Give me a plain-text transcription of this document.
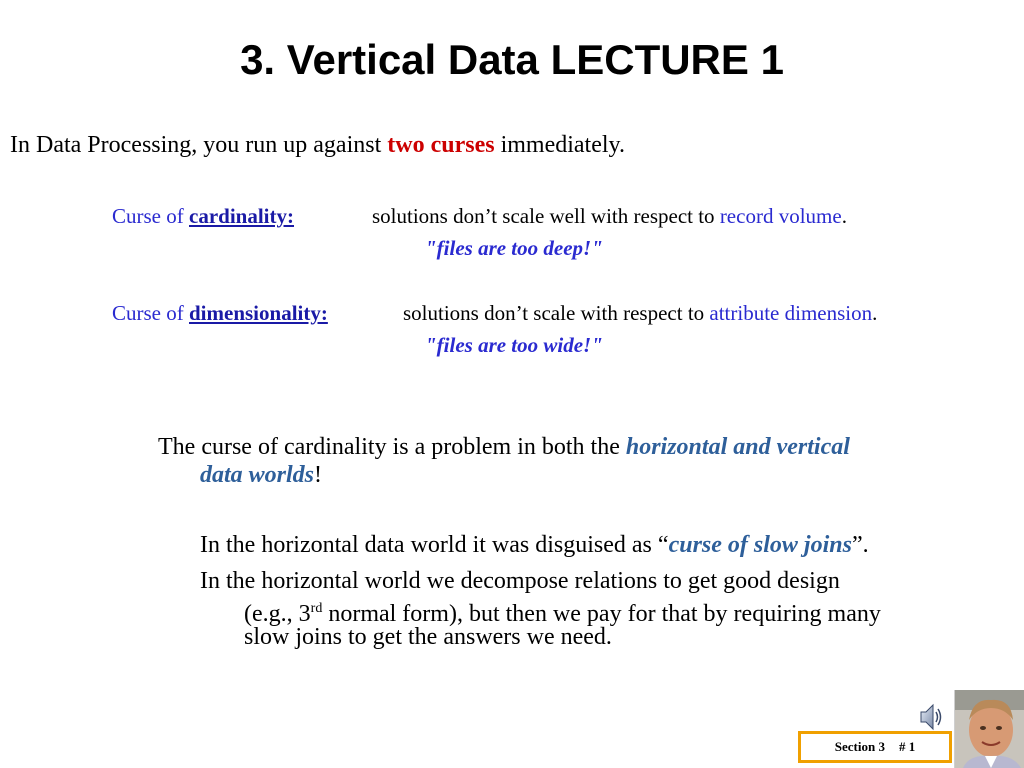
3. Vertical Data LECTURE 1
In Data Processing, you run up against two curses immediately.
Curse of cardinality:	solutions don’t scale well with respect to record volume.
"files are too deep!"
Curse of dimensionality:	solutions don’t scale with respect to attribute dimension.
"files are too wide!"
The curse of cardinality is a problem in both the horizontal and vertical
data worlds!
In the horizontal data world it was disguised as “curse of slow joins”.
In the horizontal world we decompose relations to get good design
(e.g., 3rd normal form), but then we pay for that by requiring many
slow joins to get the answers we need.
Section 3 # 1
